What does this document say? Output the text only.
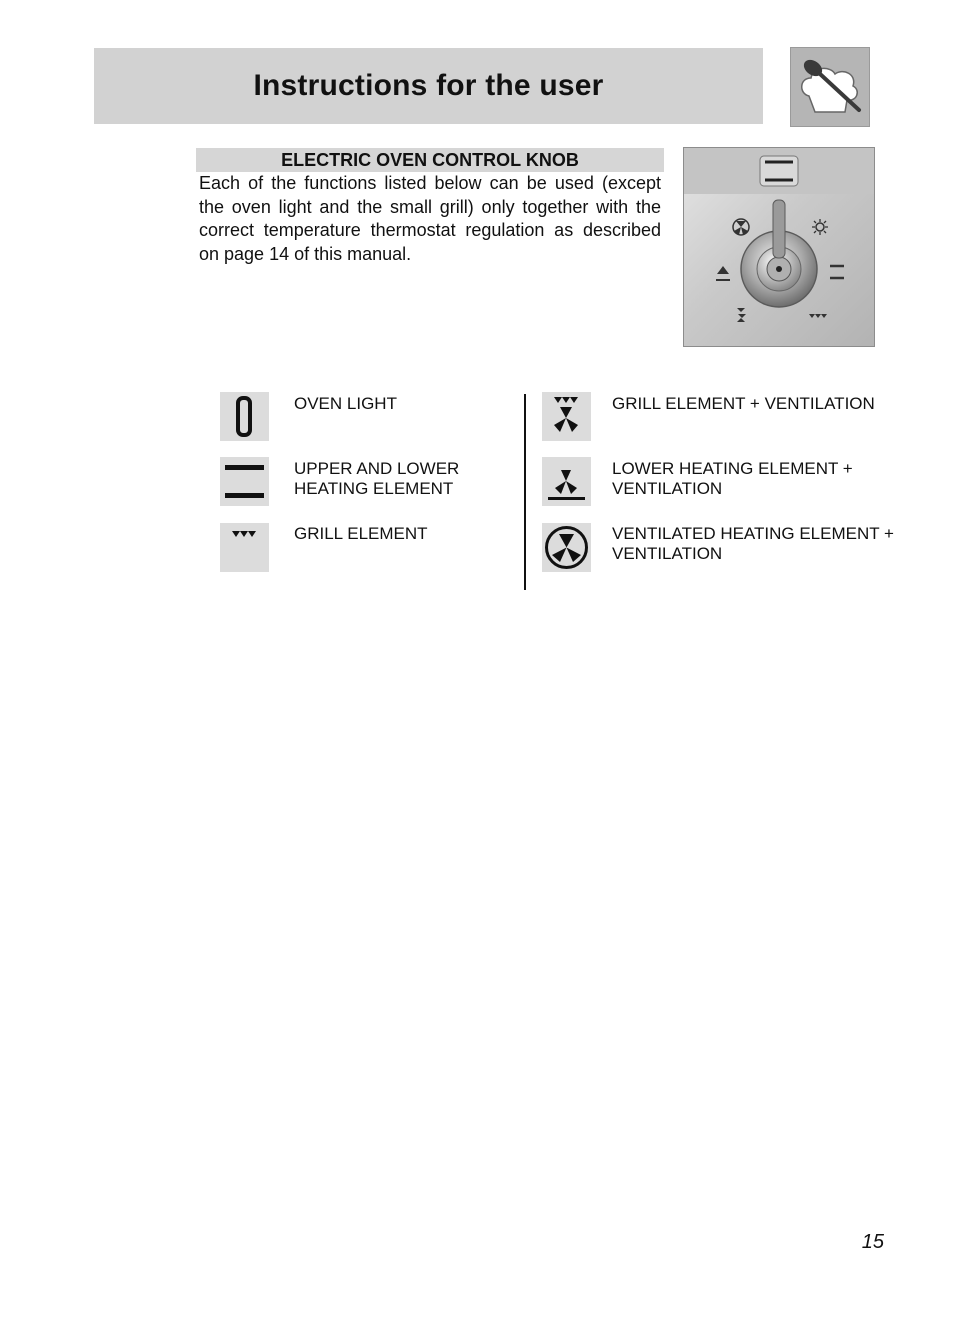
Instructions for the user
ELECTRIC OVEN CONTROL KNOB

Each of the functions listed below can be used (except the oven light and the small grill) only together with the correct temperature thermostat regulation as described on page 14 of this manual.

OVEN LIGHT

UPPER AND LOWER HEATING ELEMENT

GRILL ELEMENT

GRILL ELEMENT + VENTILATION

LOWER HEATING ELEMENT + VENTILATION

VENTILATED HEATING ELEMENT + VENTILATION

15
